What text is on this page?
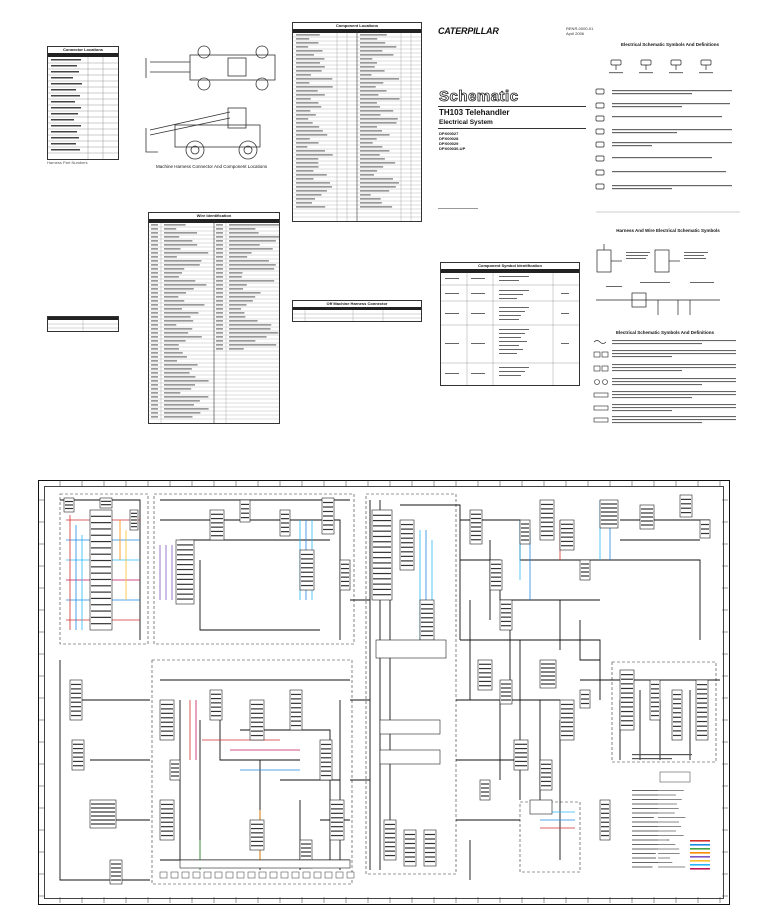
Connector Locations
Harness Part Numbers
Machine Harness Connector And Component Locations
Component Locations
Wire Identification
Off Machine Harness Connector
CATERPILLAR	RENR-0000-01
April 2006
Schematic
TH103 Telehandler
Electrical System
DPX00027
DPX00028
DPX00029
DPX00030-UP
Electrical Schematic Symbols And Definitions
Harness And Wire Electrical Schematic Symbols
Electrical Schematic Symbols And Definitions
Component Symbol Identification
